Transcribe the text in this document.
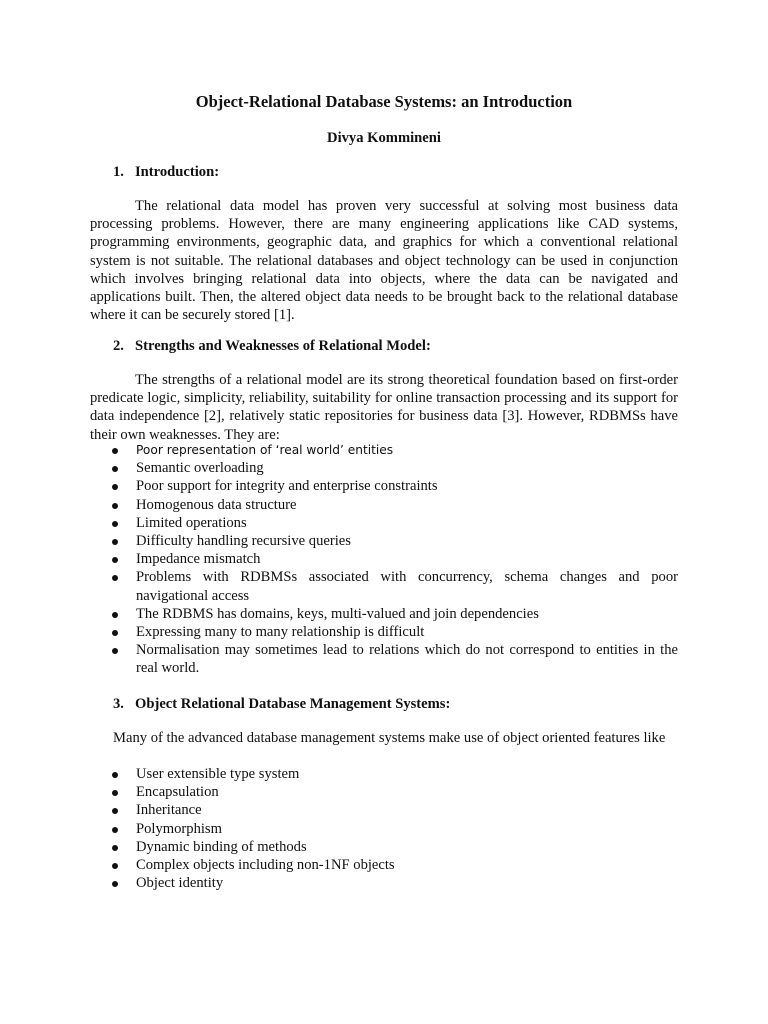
Object-Relational Database Systems: an Introduction
Divya Kommineni
1. Introduction:

The relational data model has proven very successful at solving most business data processing problems. However, there are many engineering applications like CAD systems, programming environments, geographic data, and graphics for which a conventional relational system is not suitable. The relational databases and object technology can be used in conjunction which involves bringing relational data into objects, where the data can be navigated and applications built. Then, the altered object data needs to be brought back to the relational database where it can be securely stored [1].

2. Strengths and Weaknesses of Relational Model:

The strengths of a relational model are its strong theoretical foundation based on first-order predicate logic, simplicity, reliability, suitability for online transaction processing and its support for data independence [2], relatively static repositories for business data [3]. However, RDBMSs have their own weaknesses. They are:

Poor representation of ‘real world’ entities
Semantic overloading
Poor support for integrity and enterprise constraints
Homogenous data structure
Limited operations
Difficulty handling recursive queries
Impedance mismatch
Problems with RDBMSs associated with concurrency, schema changes and poor navigational access
The RDBMS has domains, keys, multi-valued and join dependencies
Expressing many to many relationship is difficult
Normalisation may sometimes lead to relations which do not correspond to entities in the real world.
3. Object Relational Database Management Systems:

Many of the advanced database management systems make use of object oriented features like

User extensible type system
Encapsulation
Inheritance
Polymorphism
Dynamic binding of methods
Complex objects including non-1NF objects
Object identity
